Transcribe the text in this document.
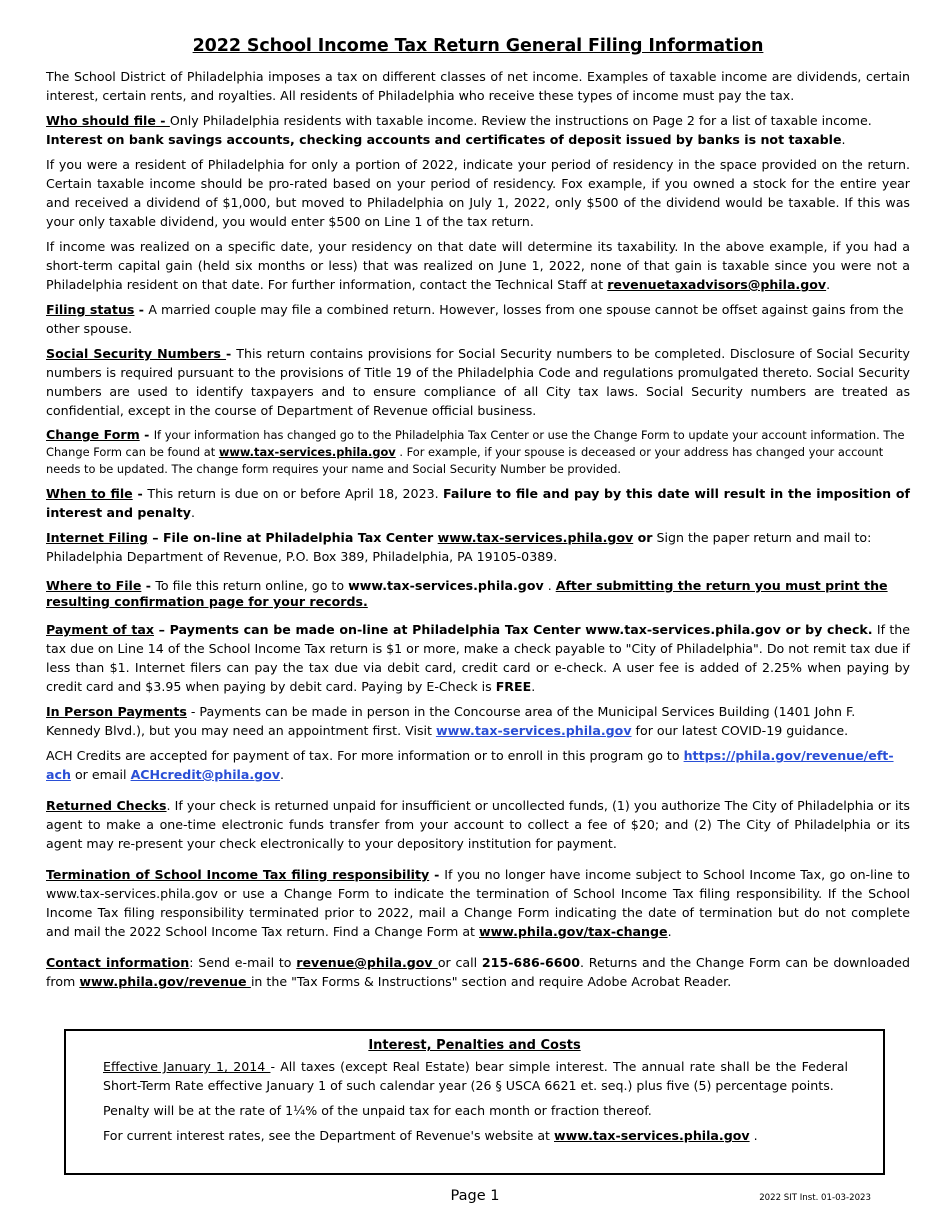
2022 School Income Tax Return General Filing Information

The School District of Philadelphia imposes a tax on different classes of net income. Examples of taxable income are dividends, certain interest, certain rents, and royalties. All residents of Philadelphia who receive these types of income must pay the tax.

Who should file - Only Philadelphia residents with taxable income. Review the instructions on Page 2 for a list of taxable income.
Interest on bank savings accounts, checking accounts and certificates of deposit issued by banks is not taxable.

If you were a resident of Philadelphia for only a portion of 2022, indicate your period of residency in the space provided on the return. Certain taxable income should be pro-rated based on your period of residency. Fox example, if you owned a stock for the entire year and received a dividend of $1,000, but moved to Philadelphia on July 1, 2022, only $500 of the dividend would be taxable. If this was your only taxable dividend, you would enter $500 on Line 1 of the tax return.

If income was realized on a specific date, your residency on that date will determine its taxability. In the above example, if you had a short-term capital gain (held six months or less) that was realized on June 1, 2022, none of that gain is taxable since you were not a Philadelphia resident on that date. For further information, contact the Technical Staff at revenuetaxadvisors@phila.gov.

Filing status - A married couple may file a combined return. However, losses from one spouse cannot be offset against gains from the other spouse.

Social Security Numbers - This return contains provisions for Social Security numbers to be completed. Disclosure of Social Security numbers is required pursuant to the provisions of Title 19 of the Philadelphia Code and regulations promulgated thereto. Social Security numbers are used to identify taxpayers and to ensure compliance of all City tax laws. Social Security numbers are treated as confidential, except in the course of Department of Revenue official business.

Change Form - If your information has changed go to the Philadelphia Tax Center or use the Change Form to update your account information. The Change Form can be found at www.tax-services.phila.gov . For example, if your spouse is deceased or your address has changed your account needs to be updated. The change form requires your name and Social Security Number be provided.

When to file - This return is due on or before April 18, 2023. Failure to file and pay by this date will result in the imposition of interest and penalty.

Internet Filing – File on-line at Philadelphia Tax Center www.tax-services.phila.gov or Sign the paper return and mail to:
Philadelphia Department of Revenue, P.O. Box 389, Philadelphia, PA 19105-0389.

Where to File - To file this return online, go to www.tax-services.phila.gov . After submitting the return you must print the resulting confirmation page for your records.

Payment of tax – Payments can be made on-line at Philadelphia Tax Center www.tax-services.phila.gov or by check. If the tax due on Line 14 of the School Income Tax return is $1 or more, make a check payable to "City of Philadelphia". Do not remit tax due if less than $1. Internet filers can pay the tax due via debit card, credit card or e-check. A user fee is added of 2.25% when paying by credit card and $3.95 when paying by debit card. Paying by E-Check is FREE.

In Person Payments - Payments can be made in person in the Concourse area of the Municipal Services Building (1401 John F. Kennedy Blvd.), but you may need an appointment first. Visit www.tax-services.phila.gov for our latest COVID-19 guidance.

ACH Credits are accepted for payment of tax. For more information or to enroll in this program go to https://phila.gov/revenue/eft-ach or email ACHcredit@phila.gov.

Returned Checks. If your check is returned unpaid for insufficient or uncollected funds, (1) you authorize The City of Philadelphia or its agent to make a one-time electronic funds transfer from your account to collect a fee of $20; and (2) The City of Philadelphia or its agent may re-present your check electronically to your depository institution for payment.

Termination of School Income Tax filing responsibility - If you no longer have income subject to School Income Tax, go on-line to www.tax-services.phila.gov or use a Change Form to indicate the termination of School Income Tax filing responsibility. If the School Income Tax filing responsibility terminated prior to 2022, mail a Change Form indicating the date of termination but do not complete and mail the 2022 School Income Tax return. Find a Change Form at www.phila.gov/tax-change.

Contact information: Send e-mail to revenue@phila.gov or call 215-686-6600. Returns and the Change Form can be downloaded from www.phila.gov/revenue in the "Tax Forms & Instructions" section and require Adobe Acrobat Reader.

Interest, Penalties and Costs

Effective January 1, 2014 - All taxes (except Real Estate) bear simple interest. The annual rate shall be the Federal Short-Term Rate effective January 1 of such calendar year (26 § USCA 6621 et. seq.) plus five (5) percentage points.

Penalty will be at the rate of 1¼% of the unpaid tax for each month or fraction thereof.

For current interest rates, see the Department of Revenue's website at www.tax-services.phila.gov .

Page 1	2022 SIT Inst. 01-03-2023
